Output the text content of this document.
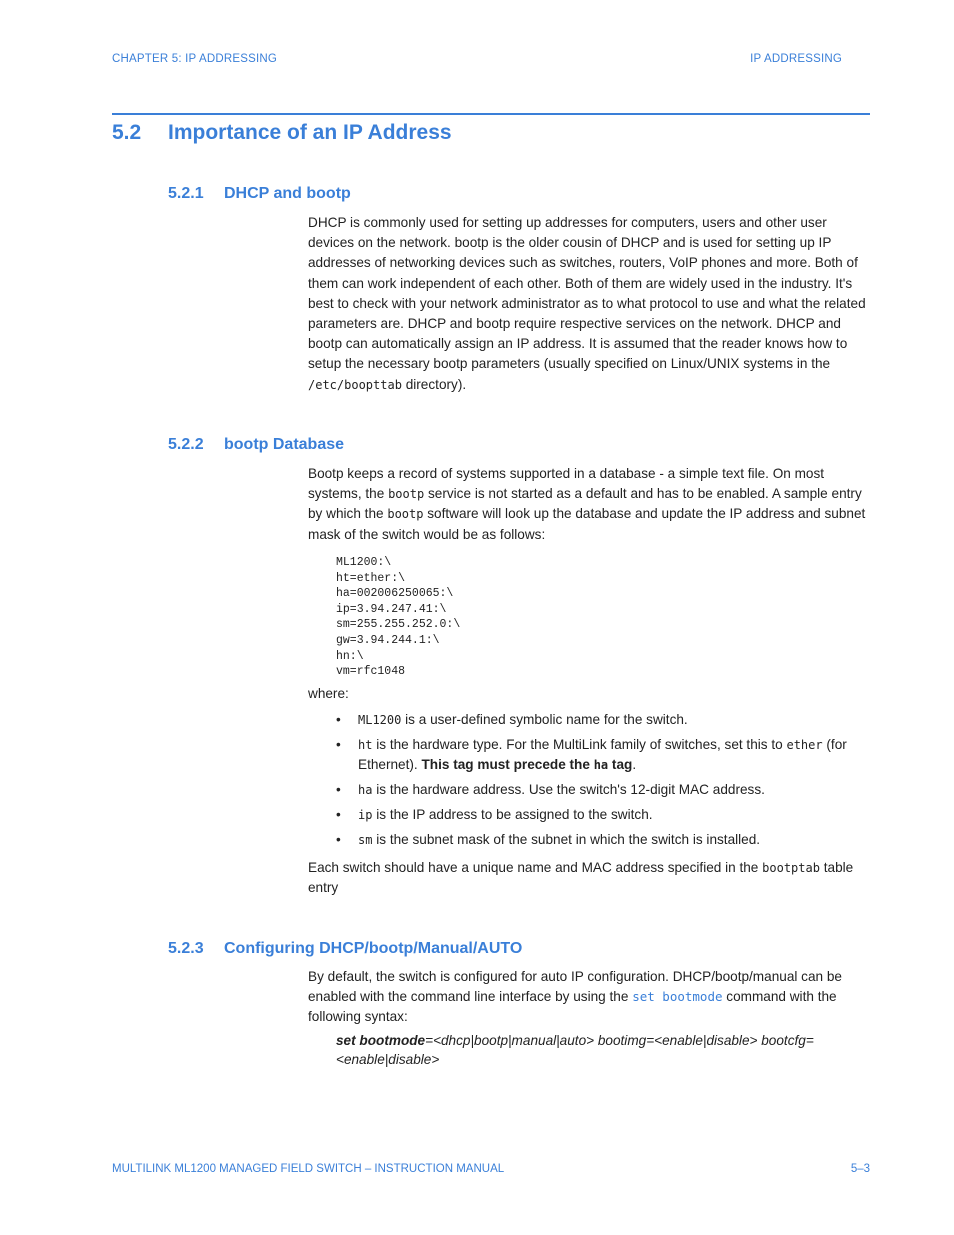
CHAPTER 5: IP ADDRESSING	IP ADDRESSING
5.2 Importance of an IP Address
5.2.1 DHCP and bootp

DHCP is commonly used for setting up addresses for computers, users and other user devices on the network. bootp is the older cousin of DHCP and is used for setting up IP addresses of networking devices such as switches, routers, VoIP phones and more. Both of them can work independent of each other. Both of them are widely used in the industry. It's best to check with your network administrator as to what protocol to use and what the related parameters are. DHCP and bootp require respective services on the network. DHCP and bootp can automatically assign an IP address. It is assumed that the reader knows how to setup the necessary bootp parameters (usually specified on Linux/UNIX systems in the /etc/boopttab directory).

5.2.2 bootp Database

Bootp keeps a record of systems supported in a database - a simple text file. On most systems, the bootp service is not started as a default and has to be enabled. A sample entry by which the bootp software will look up the database and update the IP address and subnet mask of the switch would be as follows:

ML1200:\
ht=ether:\
ha=002006250065:\
ip=3.94.247.41:\
sm=255.255.252.0:\
gw=3.94.244.1:\
hn:\
vm=rfc1048
where:
• ML1200 is a user-defined symbolic name for the switch.
• ht is the hardware type. For the MultiLink family of switches, set this to ether (for Ethernet). This tag must precede the ha tag.
• ha is the hardware address. Use the switch's 12-digit MAC address.
• ip is the IP address to be assigned to the switch.
• sm is the subnet mask of the subnet in which the switch is installed.

Each switch should have a unique name and MAC address specified in the bootptab table entry

5.2.3 Configuring DHCP/bootp/Manual/AUTO

By default, the switch is configured for auto IP configuration. DHCP/bootp/manual can be enabled with the command line interface by using the set bootmode command with the following syntax:

set bootmode=<dhcp|bootp|manual|auto> bootimg=<enable|disable> bootcfg=<enable|disable>
MULTILINK ML1200 MANAGED FIELD SWITCH – INSTRUCTION MANUAL	5–3
